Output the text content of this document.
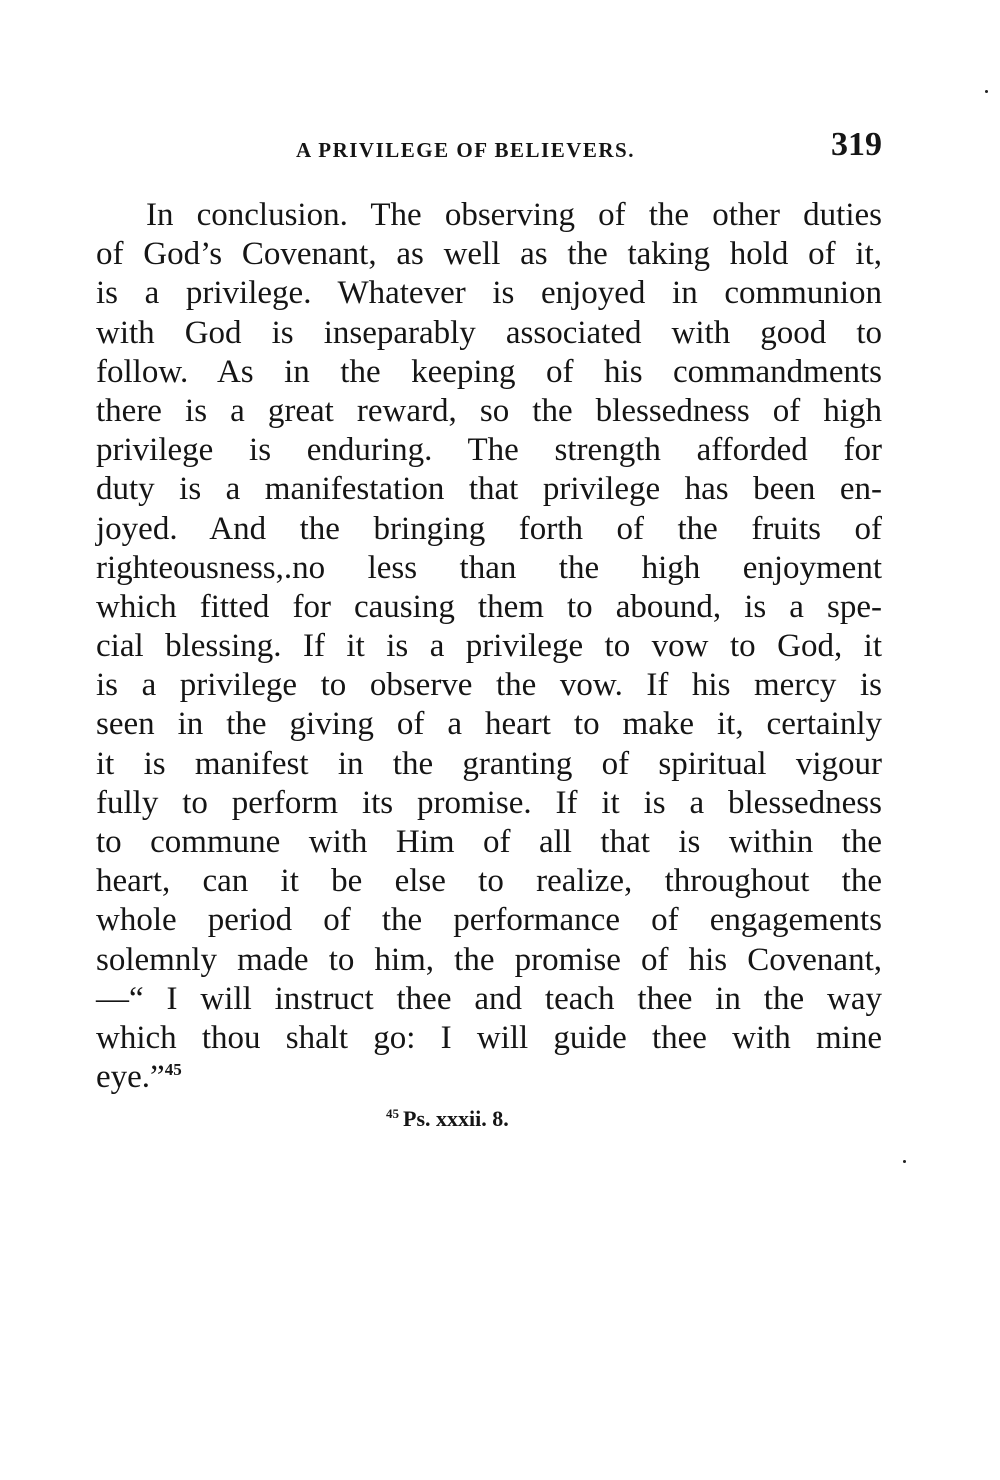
A PRIVILEGE OF BELIEVERS.	319
In conclusion. The observing of the other duties
of God’s Covenant, as well as the taking hold of it,
is a privilege. Whatever is enjoyed in communion
with God is inseparably associated with good to
follow. As in the keeping of his commandments
there is a great reward, so the blessedness of high
privilege is enduring. The strength afforded for
duty is a manifestation that privilege has been en-
joyed. And the bringing forth of the fruits of
righteousness,.no less than the high enjoyment
which fitted for causing them to abound, is a spe-
cial blessing. If it is a privilege to vow to God, it
is a privilege to observe the vow. If his mercy is
seen in the giving of a heart to make it, certainly
it is manifest in the granting of spiritual vigour
fully to perform its promise. If it is a blessedness
to commune with Him of all that is within the
heart, can it be else to realize, throughout the
whole period of the performance of engagements
solemnly made to him, the promise of his Covenant,
—“ I will instruct thee and teach thee in the way
which thou shalt go: I will guide thee with mine
eye.”$^{45}$
$^{45}$ Ps. xxxii. 8.
